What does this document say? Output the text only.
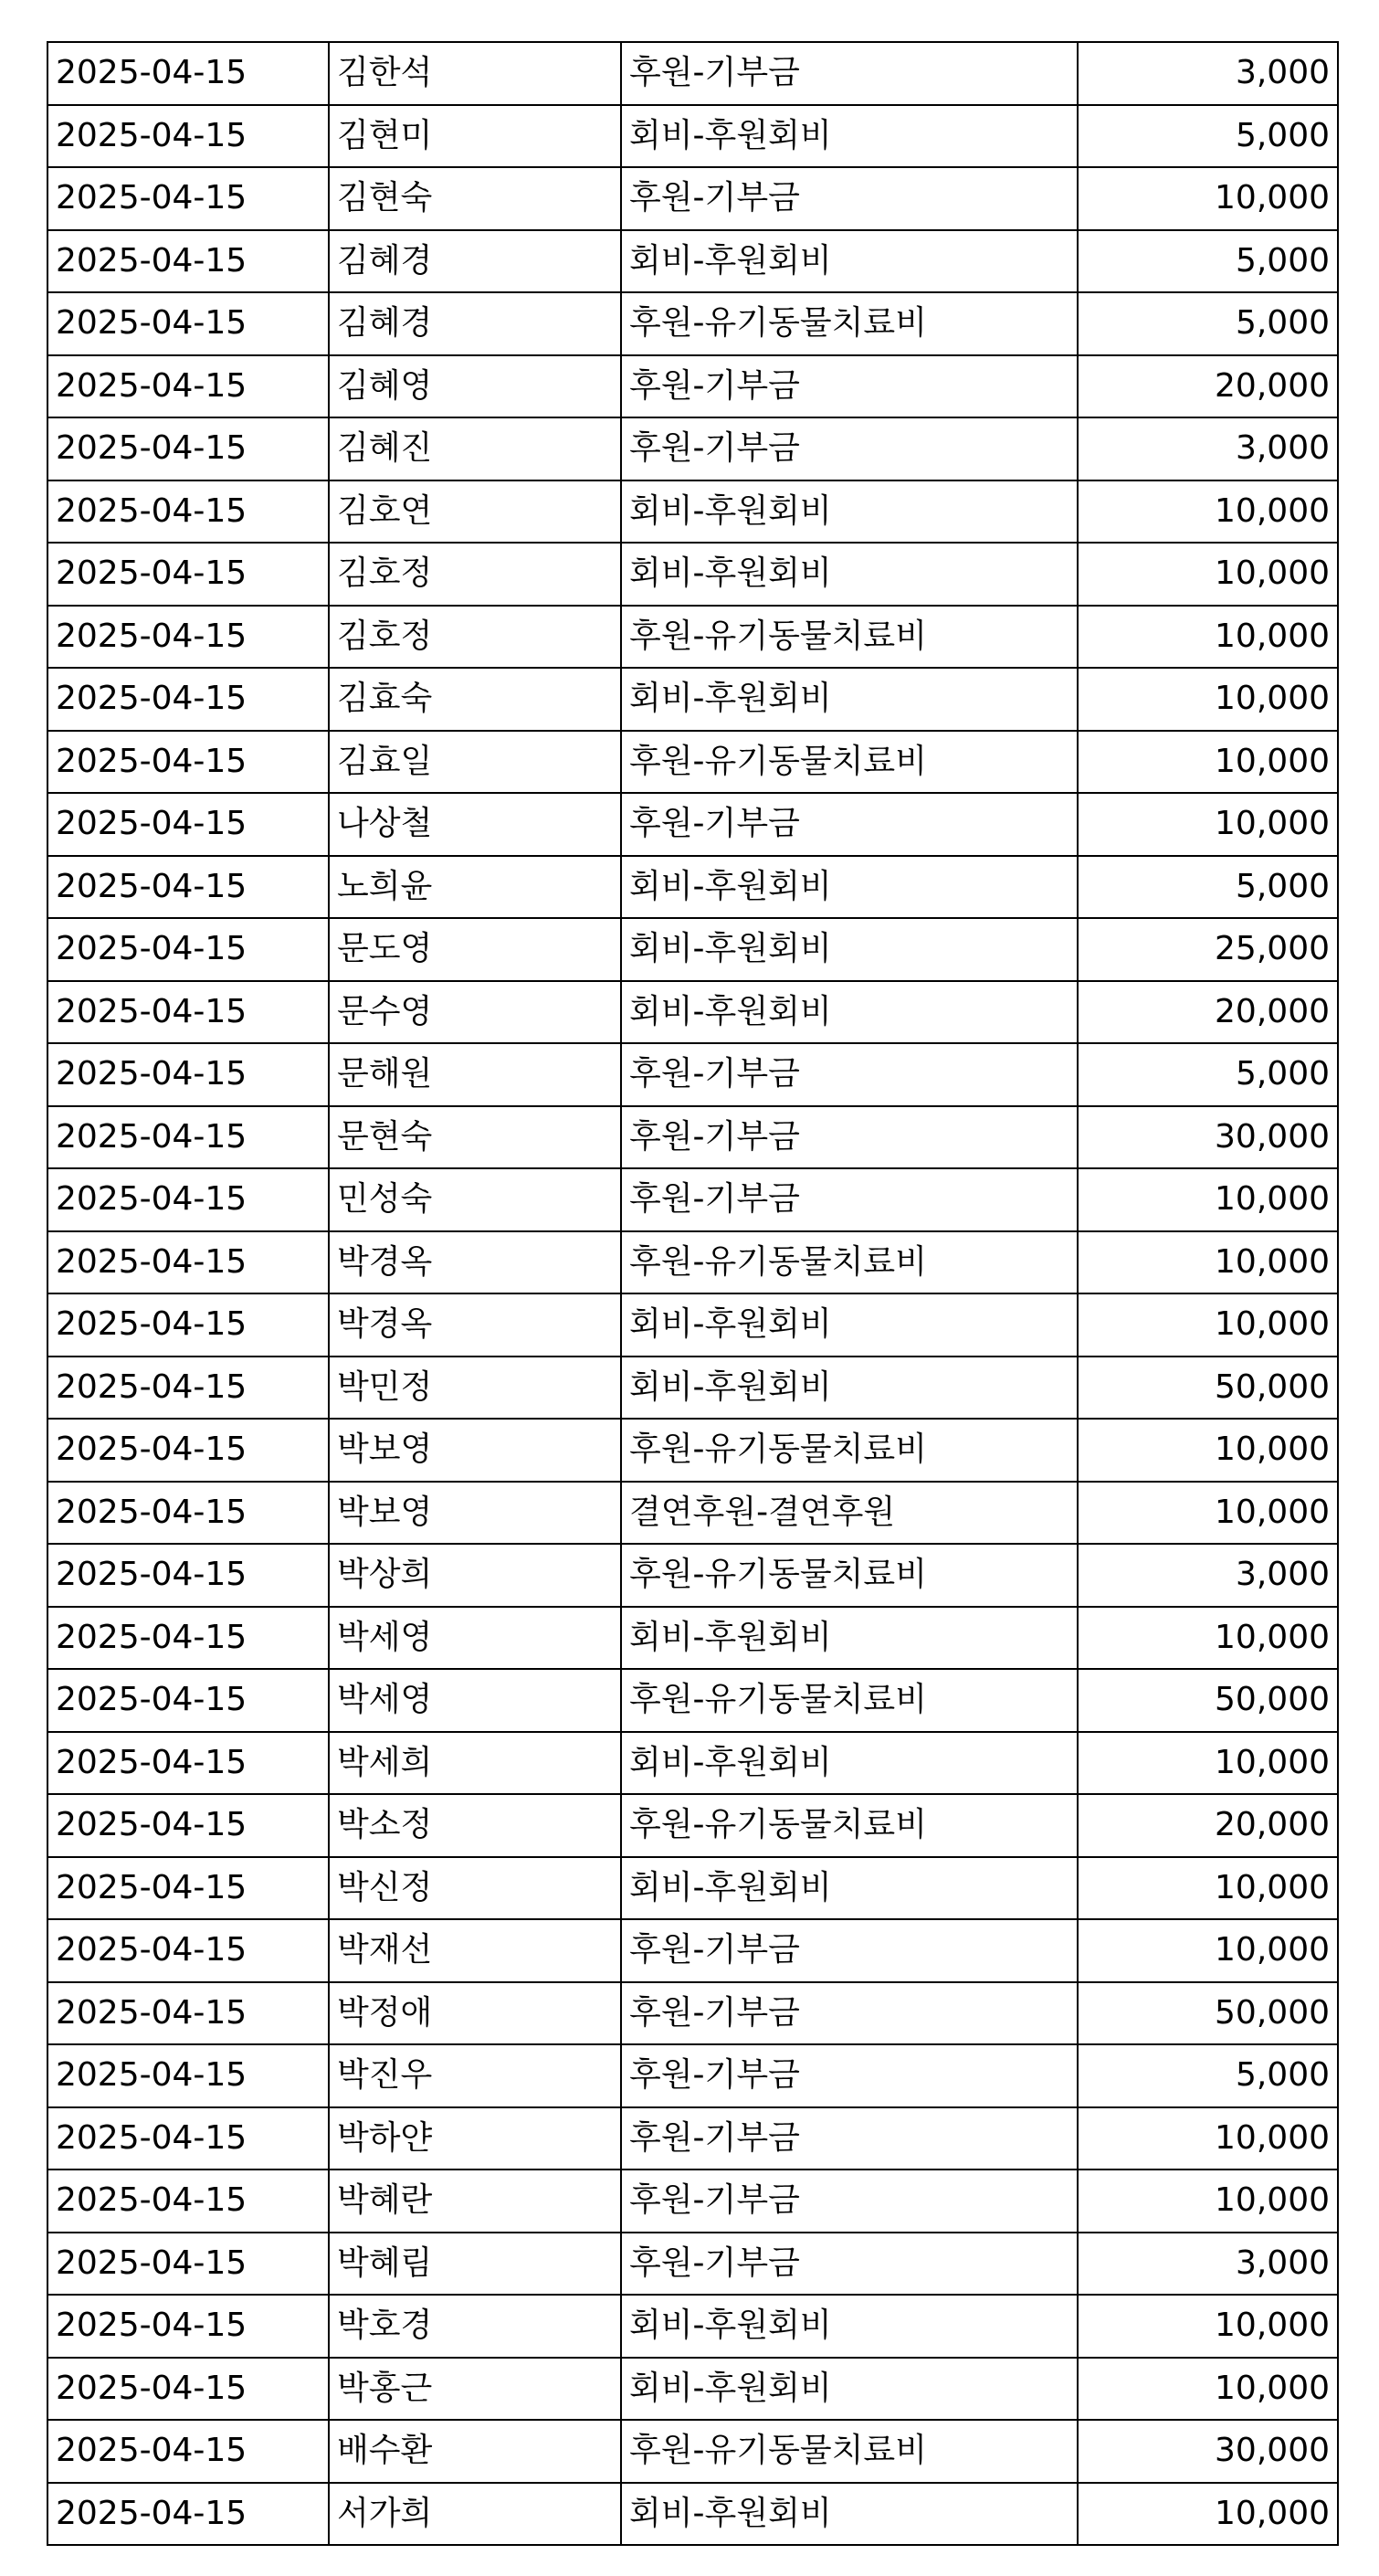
2025-04-15	김한석	후원-기부금	3,000
2025-04-15	김현미	회비-후원회비	5,000
2025-04-15	김현숙	후원-기부금	10,000
2025-04-15	김혜경	회비-후원회비	5,000
2025-04-15	김혜경	후원-유기동물치료비	5,000
2025-04-15	김혜영	후원-기부금	20,000
2025-04-15	김혜진	후원-기부금	3,000
2025-04-15	김호연	회비-후원회비	10,000
2025-04-15	김호정	회비-후원회비	10,000
2025-04-15	김호정	후원-유기동물치료비	10,000
2025-04-15	김효숙	회비-후원회비	10,000
2025-04-15	김효일	후원-유기동물치료비	10,000
2025-04-15	나상철	후원-기부금	10,000
2025-04-15	노희윤	회비-후원회비	5,000
2025-04-15	문도영	회비-후원회비	25,000
2025-04-15	문수영	회비-후원회비	20,000
2025-04-15	문해원	후원-기부금	5,000
2025-04-15	문현숙	후원-기부금	30,000
2025-04-15	민성숙	후원-기부금	10,000
2025-04-15	박경옥	후원-유기동물치료비	10,000
2025-04-15	박경옥	회비-후원회비	10,000
2025-04-15	박민정	회비-후원회비	50,000
2025-04-15	박보영	후원-유기동물치료비	10,000
2025-04-15	박보영	결연후원-결연후원	10,000
2025-04-15	박상희	후원-유기동물치료비	3,000
2025-04-15	박세영	회비-후원회비	10,000
2025-04-15	박세영	후원-유기동물치료비	50,000
2025-04-15	박세희	회비-후원회비	10,000
2025-04-15	박소정	후원-유기동물치료비	20,000
2025-04-15	박신정	회비-후원회비	10,000
2025-04-15	박재선	후원-기부금	10,000
2025-04-15	박정애	후원-기부금	50,000
2025-04-15	박진우	후원-기부금	5,000
2025-04-15	박하얀	후원-기부금	10,000
2025-04-15	박혜란	후원-기부금	10,000
2025-04-15	박혜림	후원-기부금	3,000
2025-04-15	박호경	회비-후원회비	10,000
2025-04-15	박홍근	회비-후원회비	10,000
2025-04-15	배수환	후원-유기동물치료비	30,000
2025-04-15	서가희	회비-후원회비	10,000
